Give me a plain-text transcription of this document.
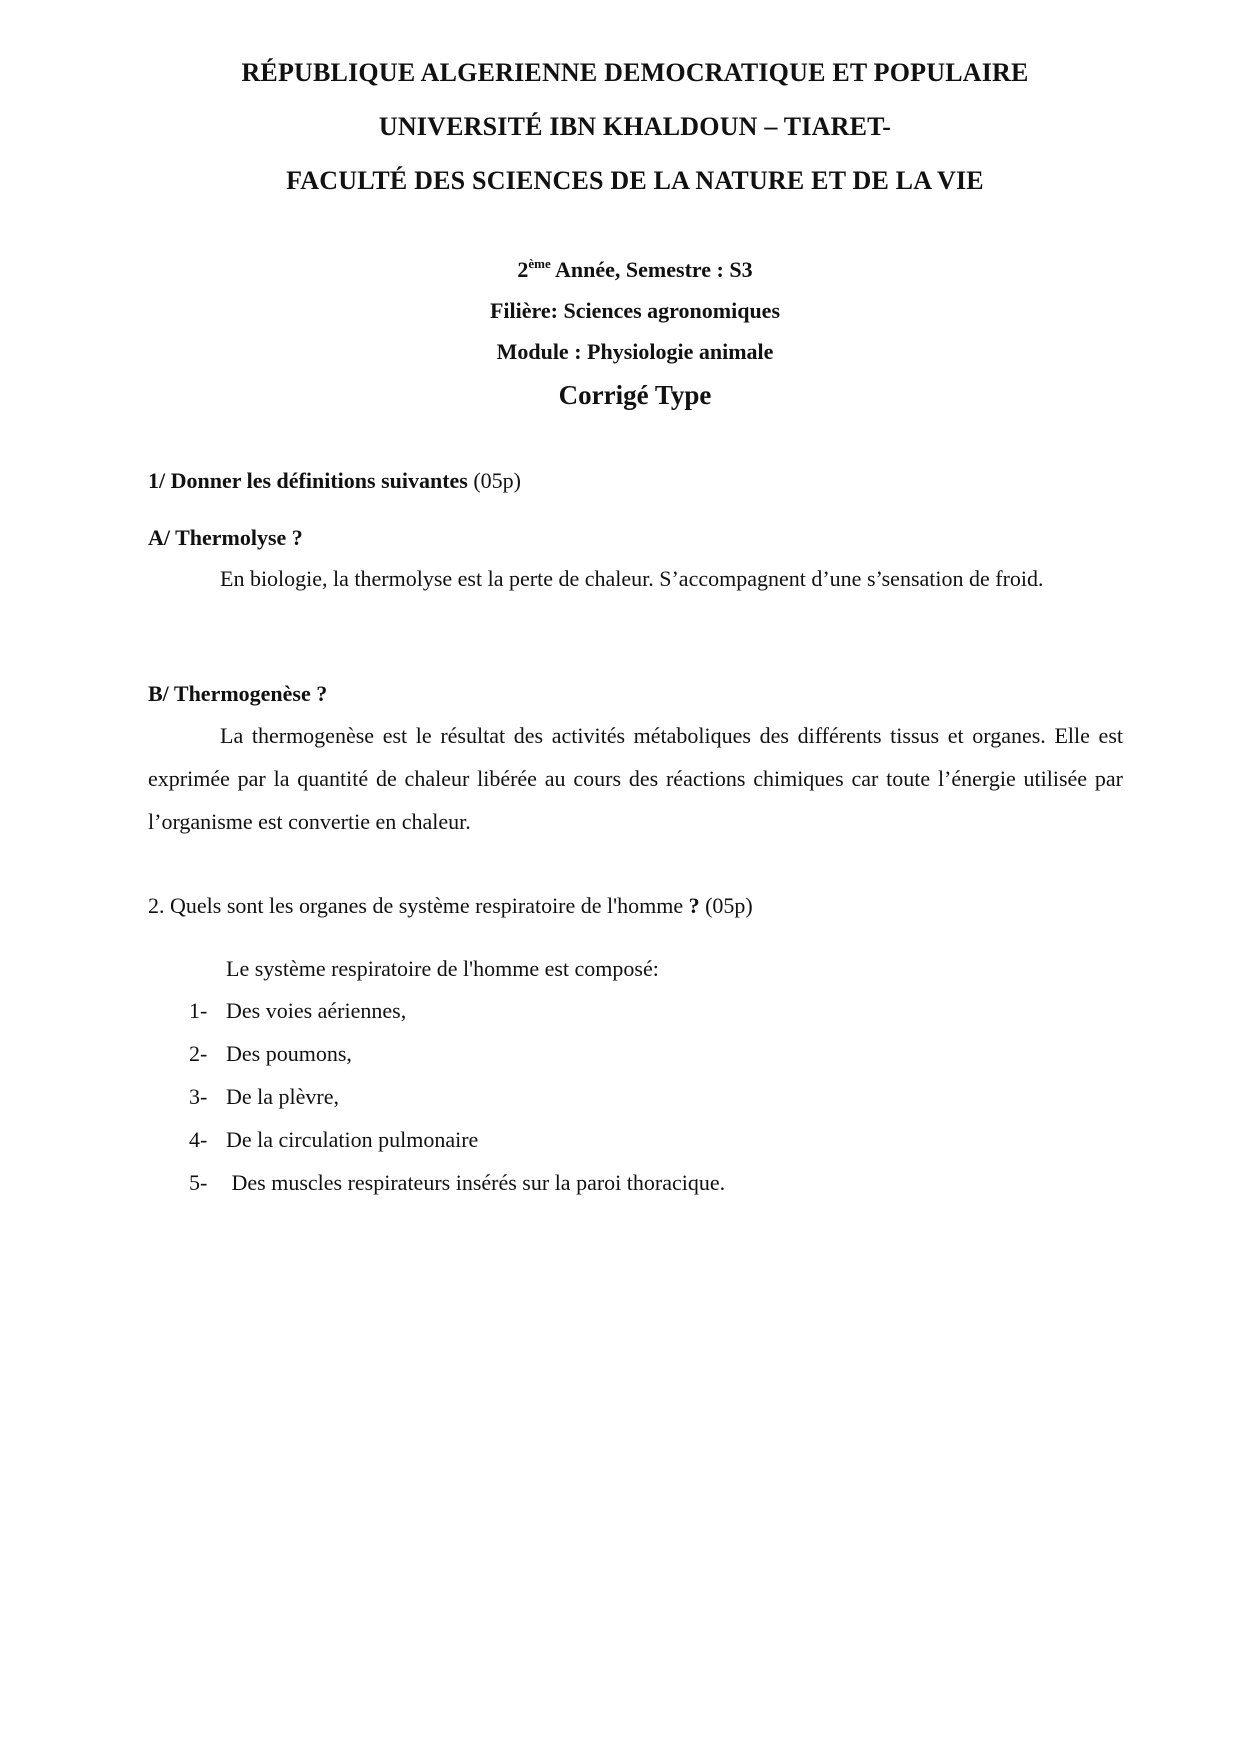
RÉPUBLIQUE ALGERIENNE DEMOCRATIQUE ET POPULAIRE
UNIVERSITÉ IBN KHALDOUN – TIARET-
FACULTÉ DES SCIENCES DE LA NATURE ET DE LA VIE
2ème Année, Semestre : S3
Filière: Sciences agronomiques
Module : Physiologie animale
Corrigé Type
1/ Donner les définitions suivantes (05p)
A/ Thermolyse ?
En biologie, la thermolyse est la perte de chaleur. S’accompagnent d’une s’sensation de froid.
B/ Thermogenèse ?
La thermogenèse est le résultat des activités métaboliques des différents tissus et organes. Elle est exprimée par la quantité de chaleur libérée au cours des réactions chimiques car toute l’énergie utilisée par l’organisme est convertie en chaleur.
2. Quels sont les organes de système respiratoire de l'homme ? (05p)
Le système respiratoire de l'homme est composé:
1- Des voies aériennes,
2- Des poumons,
3- De la plèvre,
4- De la circulation pulmonaire
5- Des muscles respirateurs insérés sur la paroi thoracique.
